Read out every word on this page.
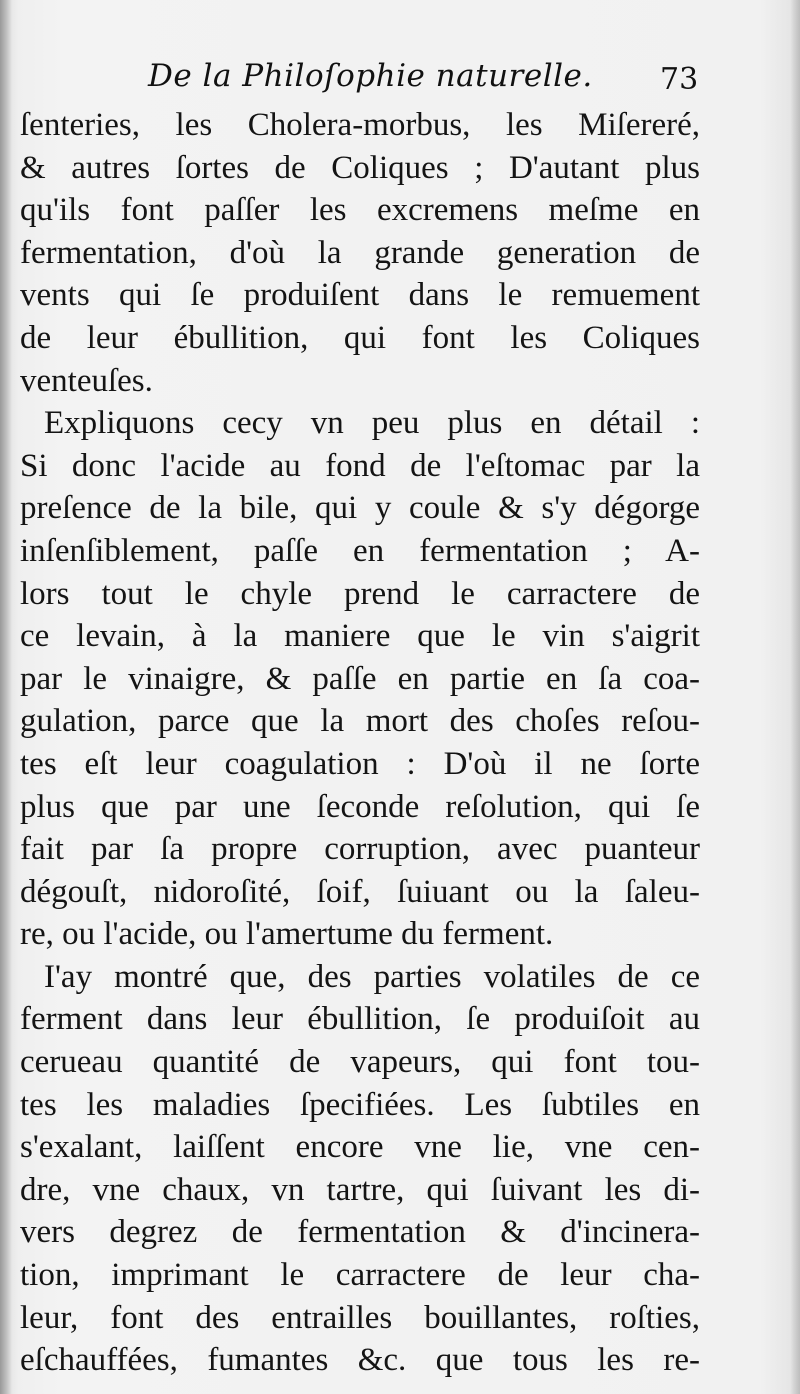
De la Philoſophie naturelle. 73
ſenteries, les Cholera-morbus, les Miſereré,
& autres ſortes de Coliques ; D'autant plus
qu'ils font paſſer les excremens meſme en
fermentation, d'où la grande generation de
vents qui ſe produiſent dans le remuement
de leur ébullition, qui font les Coliques
venteuſes.
Expliquons cecy vn peu plus en détail :
Si donc l'acide au fond de l'eſtomac par la
preſence de la bile, qui y coule & s'y dégorge
inſenſiblement, paſſe en fermentation ; A-
lors tout le chyle prend le carractere de
ce levain, à la maniere que le vin s'aigrit
par le vinaigre, & paſſe en partie en ſa coa-
gulation, parce que la mort des choſes reſou-
tes eſt leur coagulation : D'où il ne ſorte
plus que par une ſeconde reſolution, qui ſe
fait par ſa propre corruption, avec puanteur
dégouſt, nidoroſité, ſoif, ſuiuant ou la ſaleu-
re, ou l'acide, ou l'amertume du ferment.
I'ay montré que, des parties volatiles de ce
ferment dans leur ébullition, ſe produiſoit au
cerueau quantité de vapeurs, qui font tou-
tes les maladies ſpecifiées. Les ſubtiles en
s'exalant, laiſſent encore vne lie, vne cen-
dre, vne chaux, vn tartre, qui ſuivant les di-
vers degrez de fermentation & d'incinera-
tion, imprimant le carractere de leur cha-
leur, font des entrailles bouillantes, roſties,
eſchauffées, fumantes &c. que tous les re-
